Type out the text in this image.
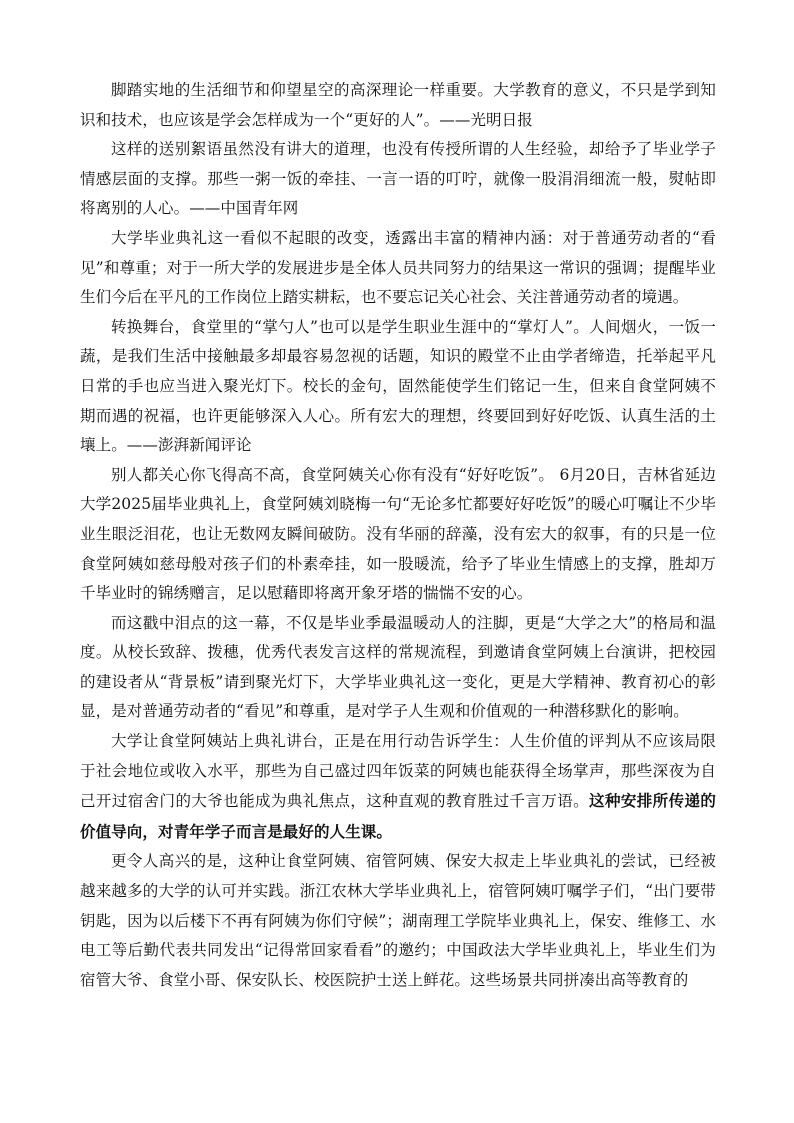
脚踏实地的生活细节和仰望星空的高深理论一样重要。大学教育的意义，不只是学到知识和技术，也应该是学会怎样成为一个“更好的人”。——光明日报

这样的送别絮语虽然没有讲大的道理，也没有传授所谓的人生经验，却给予了毕业学子情感层面的支撑。那些一粥一饭的牵挂、一言一语的叮咛，就像一股涓涓细流一般，熨帖即将离别的人心。——中国青年网

大学毕业典礼这一看似不起眼的改变，透露出丰富的精神内涵：对于普通劳动者的“看见”和尊重；对于一所大学的发展进步是全体人员共同努力的结果这一常识的强调；提醒毕业生们今后在平凡的工作岗位上踏实耕耘，也不要忘记关心社会、关注普通劳动者的境遇。

转换舞台，食堂里的“掌勺人”也可以是学生职业生涯中的“掌灯人”。人间烟火，一饭一蔬，是我们生活中接触最多却最容易忽视的话题，知识的殿堂不止由学者缔造，托举起平凡日常的手也应当进入聚光灯下。校长的金句，固然能使学生们铭记一生，但来自食堂阿姨不期而遇的祝福，也许更能够深入人心。所有宏大的理想，终要回到好好吃饭、认真生活的土壤上。——澎湃新闻评论

别人都关心你飞得高不高，食堂阿姨关心你有没有“好好吃饭”。 6月20日，吉林省延边大学2025届毕业典礼上，食堂阿姨刘晓梅一句“无论多忙都要好好吃饭”的暖心叮嘱让不少毕业生眼泛泪花，也让无数网友瞬间破防。没有华丽的辞藻，没有宏大的叙事，有的只是一位食堂阿姨如慈母般对孩子们的朴素牵挂，如一股暖流，给予了毕业生情感上的支撑，胜却万千毕业时的锦绣赠言，足以慰藉即将离开象牙塔的惴惴不安的心。

而这戳中泪点的这一幕，不仅是毕业季最温暖动人的注脚，更是“大学之大”的格局和温度。从校长致辞、拨穗，优秀代表发言这样的常规流程，到邀请食堂阿姨上台演讲，把校园的建设者从“背景板”请到聚光灯下，大学毕业典礼这一变化，更是大学精神、教育初心的彰显，是对普通劳动者的“看见”和尊重，是对学子人生观和价值观的一种潜移默化的影响。

大学让食堂阿姨站上典礼讲台，正是在用行动告诉学生：人生价值的评判从不应该局限于社会地位或收入水平，那些为自己盛过四年饭菜的阿姨也能获得全场掌声，那些深夜为自己开过宿舍门的大爷也能成为典礼焦点，这种直观的教育胜过千言万语。这种安排所传递的价值导向，对青年学子而言是最好的人生课。

更令人高兴的是，这种让食堂阿姨、宿管阿姨、保安大叔走上毕业典礼的尝试，已经被越来越多的大学的认可并实践。浙江农林大学毕业典礼上，宿管阿姨叮嘱学子们，“出门要带钥匙，因为以后楼下不再有阿姨为你们守候”；湖南理工学院毕业典礼上，保安、维修工、水电工等后勤代表共同发出“记得常回家看看”的邀约；中国政法大学毕业典礼上，毕业生们为宿管大爷、食堂小哥、保安队长、校医院护士送上鲜花。这些场景共同拼凑出高等教育的
